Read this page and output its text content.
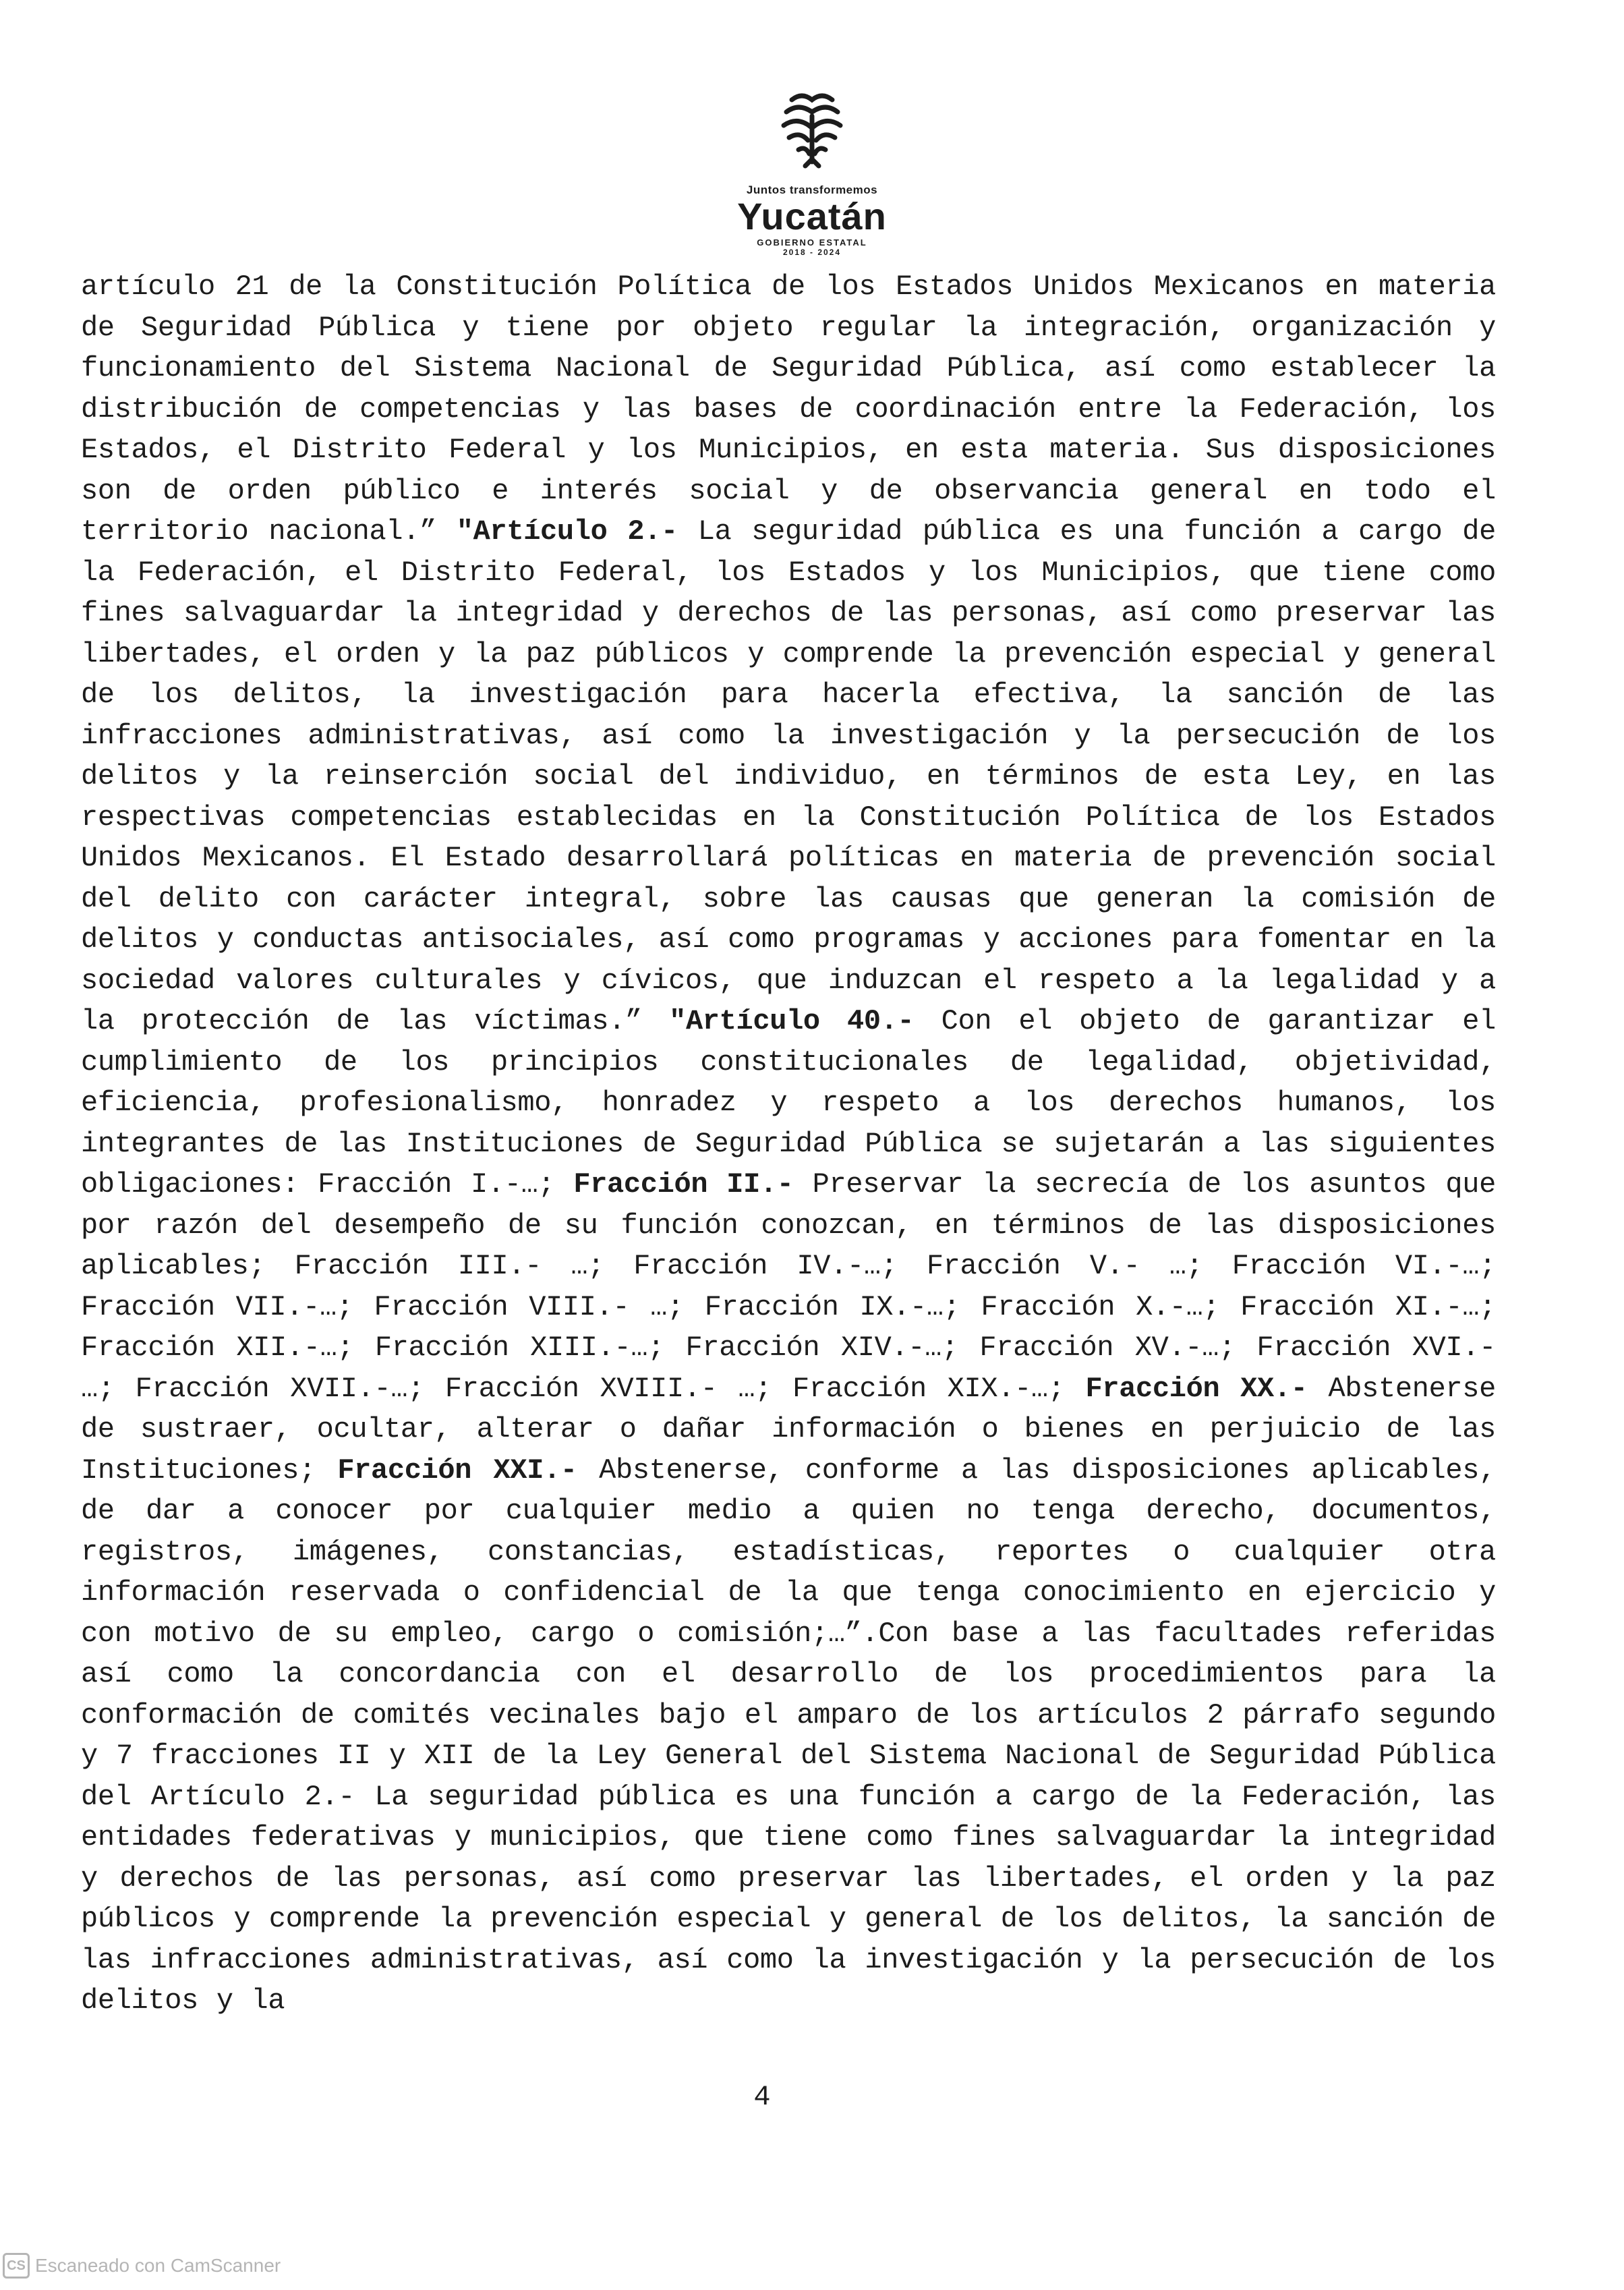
Juntos transformemos
Yucatán
GOBIERNO ESTATAL
2018 - 2024
artículo 21 de la Constitución Política de los Estados Unidos Mexicanos en materia de Seguridad Pública y tiene por objeto regular la integración, organización y funcionamiento del Sistema Nacional de Seguridad Pública, así como establecer la distribución de competencias y las bases de coordinación entre la Federación, los Estados, el Distrito Federal y los Municipios, en esta materia. Sus disposiciones son de orden público e interés social y de observancia general en todo el territorio nacional.” "Artículo 2.- La seguridad pública es una función a cargo de la Federación, el Distrito Federal, los Estados y los Municipios, que tiene como fines salvaguardar la integridad y derechos de las personas, así como preservar las libertades, el orden y la paz públicos y comprende la prevención especial y general de los delitos, la investigación para hacerla efectiva, la sanción de las infracciones administrativas, así como la investigación y la persecución de los delitos y la reinserción social del individuo, en términos de esta Ley, en las respectivas competencias establecidas en la Constitución Política de los Estados Unidos Mexicanos. El Estado desarrollará políticas en materia de prevención social del delito con carácter integral, sobre las causas que generan la comisión de delitos y conductas antisociales, así como programas y acciones para fomentar en la sociedad valores culturales y cívicos, que induzcan el respeto a la legalidad y a la protección de las víctimas.” "Artículo 40.- Con el objeto de garantizar el cumplimiento de los principios constitucionales de legalidad, objetividad, eficiencia, profesionalismo, honradez y respeto a los derechos humanos, los integrantes de las Instituciones de Seguridad Pública se sujetarán a las siguientes obligaciones: Fracción I.-…; Fracción II.- Preservar la secrecía de los asuntos que por razón del desempeño de su función conozcan, en términos de las disposiciones aplicables; Fracción III.- …; Fracción IV.-…; Fracción V.- …; Fracción VI.-…; Fracción VII.-…; Fracción VIII.- …; Fracción IX.-…; Fracción X.-…; Fracción XI.-…; Fracción XII.-…; Fracción XIII.-…; Fracción XIV.-…; Fracción XV.-…; Fracción XVI.- …; Fracción XVII.-…; Fracción XVIII.- …; Fracción XIX.-…; Fracción XX.- Abstenerse de sustraer, ocultar, alterar o dañar información o bienes en perjuicio de las Instituciones; Fracción XXI.- Abstenerse, conforme a las disposiciones aplicables, de dar a conocer por cualquier medio a quien no tenga derecho, documentos, registros, imágenes, constancias, estadísticas, reportes o cualquier otra información reservada o confidencial de la que tenga conocimiento en ejercicio y con motivo de su empleo, cargo o comisión;…”.Con base a las facultades referidas así como la concordancia con el desarrollo de los procedimientos para la conformación de comités vecinales bajo el amparo de los artículos 2 párrafo segundo y 7 fracciones II y XII de la Ley General del Sistema Nacional de Seguridad Pública del Artículo 2.- La seguridad pública es una función a cargo de la Federación, las entidades federativas y municipios, que tiene como fines salvaguardar la integridad y derechos de las personas, así como preservar las libertades, el orden y la paz públicos y comprende la prevención especial y general de los delitos, la sanción de las infracciones administrativas, así como la investigación y la persecución de los delitos y la
4
CS Escaneado con CamScanner
